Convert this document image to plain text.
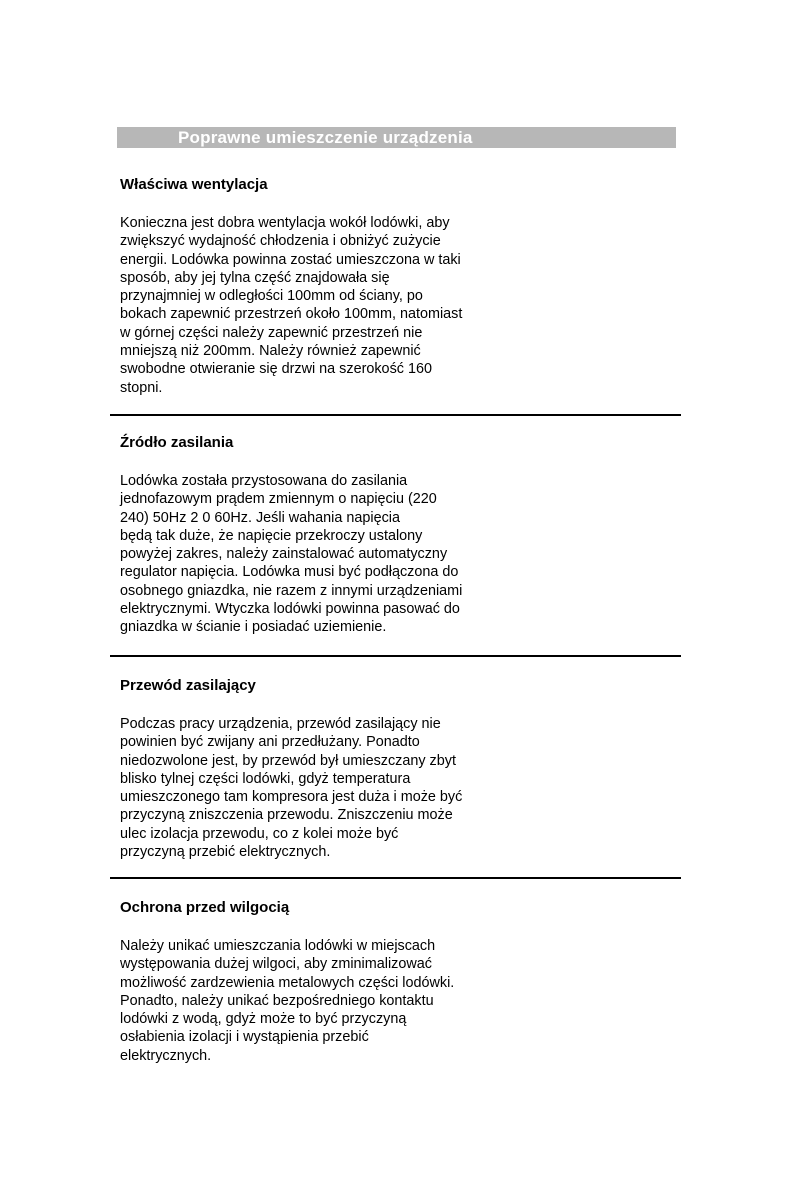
Poprawne umieszczenie urządzenia
Właściwa wentylacja

Konieczna jest dobra wentylacja wokół lodówki, aby
zwiększyć wydajność chłodzenia i obniżyć zużycie
energii. Lodówka powinna zostać umieszczona w taki
sposób, aby jej tylna część znajdowała się
przynajmniej w odległości 100mm od ściany, po
bokach zapewnić przestrzeń około 100mm, natomiast
w górnej części należy zapewnić przestrzeń nie
mniejszą niż 200mm. Należy również zapewnić
swobodne otwieranie się drzwi na szerokość 160
stopni.

Źródło zasilania

Lodówka została przystosowana do zasilania
jednofazowym prądem zmiennym o napięciu (220
240) 50Hz 2 0 60Hz. Jeśli wahania napięcia
będą tak duże, że napięcie przekroczy ustalony
powyżej zakres, należy zainstalować automatyczny
regulator napięcia. Lodówka musi być podłączona do
osobnego gniazdka, nie razem z innymi urządzeniami
elektrycznymi. Wtyczka lodówki powinna pasować do
gniazdka w ścianie i posiadać uziemienie.

Przewód zasilający

Podczas pracy urządzenia, przewód zasilający nie
powinien być zwijany ani przedłużany. Ponadto
niedozwolone jest, by przewód był umieszczany zbyt
blisko tylnej części lodówki, gdyż temperatura
umieszczonego tam kompresora jest duża i może być
przyczyną zniszczenia przewodu. Zniszczeniu może
ulec izolacja przewodu, co z kolei może być
przyczyną przebić elektrycznych.

Ochrona przed wilgocią

Należy unikać umieszczania lodówki w miejscach
występowania dużej wilgoci, aby zminimalizować
możliwość zardzewienia metalowych części lodówki.
Ponadto, należy unikać bezpośredniego kontaktu
lodówki z wodą, gdyż może to być przyczyną
osłabienia izolacji i wystąpienia przebić
elektrycznych.
